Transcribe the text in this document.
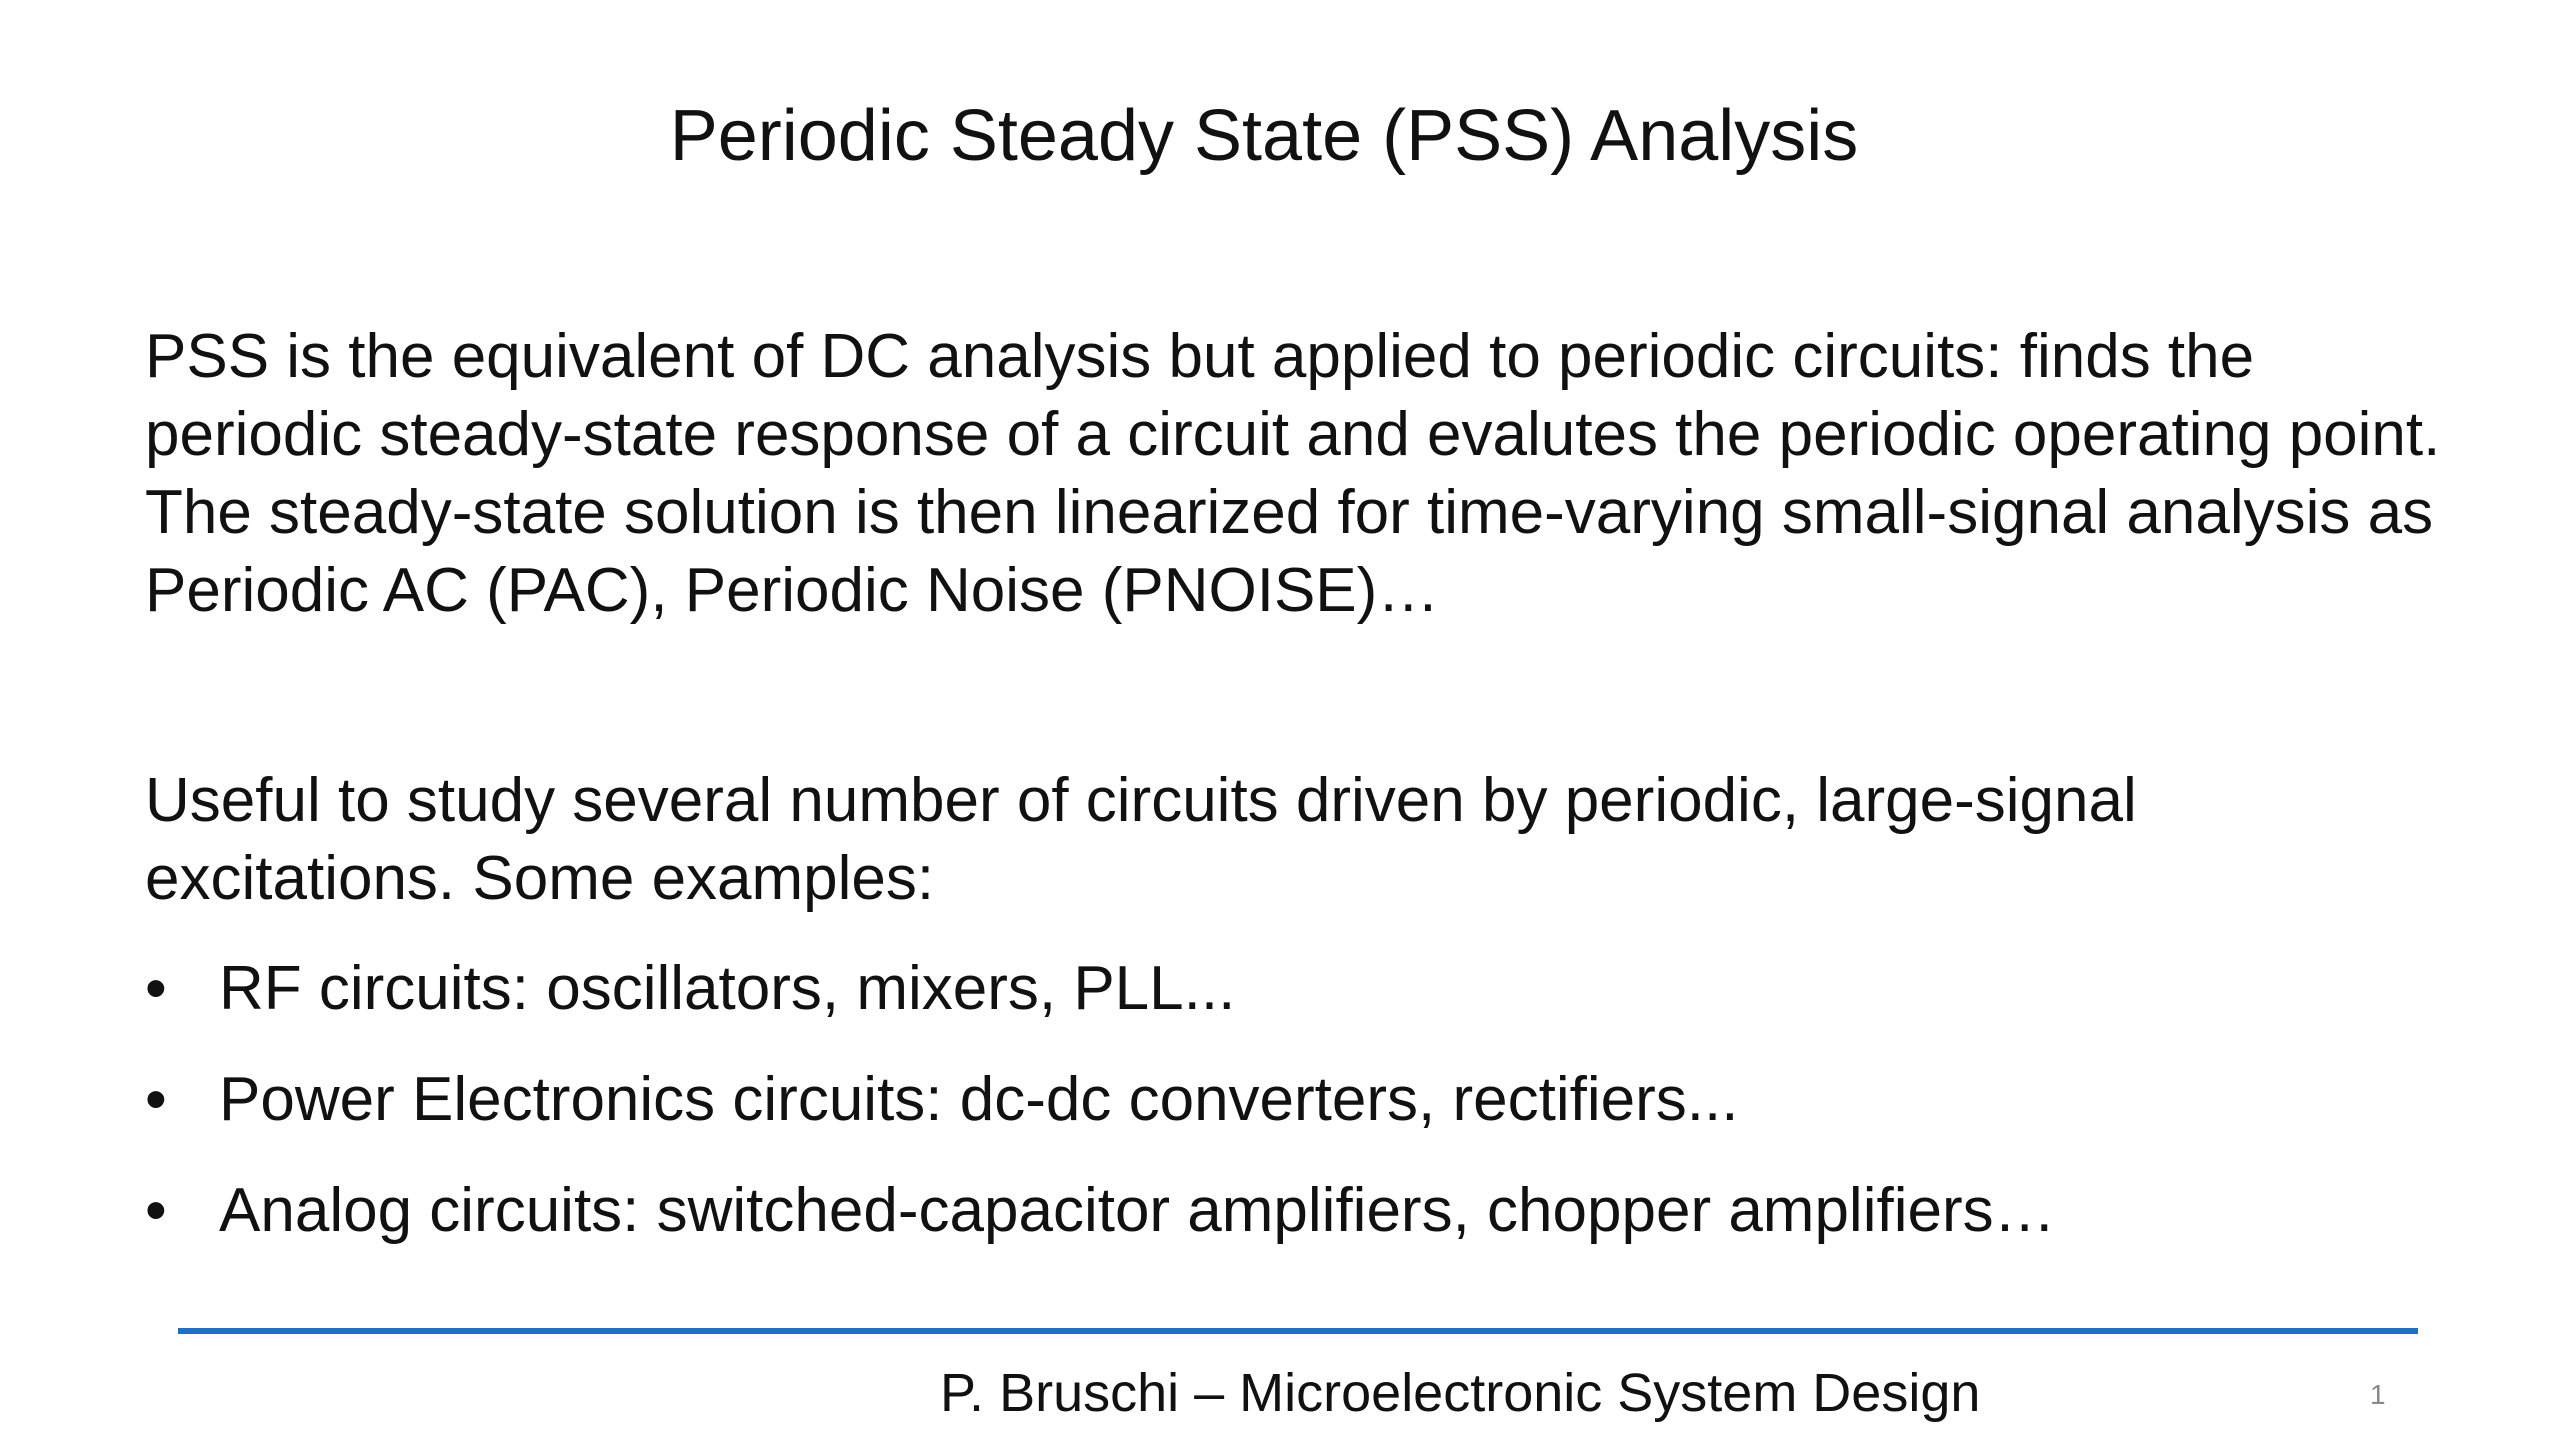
Periodic Steady State (PSS) Analysis

PSS is the equivalent of DC analysis but applied to periodic circuits: finds the periodic steady-state response of a circuit and evalutes the periodic operating point. The steady-state solution is then linearized for time-varying small-signal analysis as Periodic AC (PAC), Periodic Noise (PNOISE)…

Useful to study several number of circuits driven by periodic, large-signal excitations. Some examples:

• RF circuits: oscillators, mixers, PLL...
• Power Electronics circuits: dc-dc converters, rectifiers...
• Analog circuits: switched-capacitor amplifiers, chopper amplifiers…
P. Bruschi – Microelectronic System Design	1
